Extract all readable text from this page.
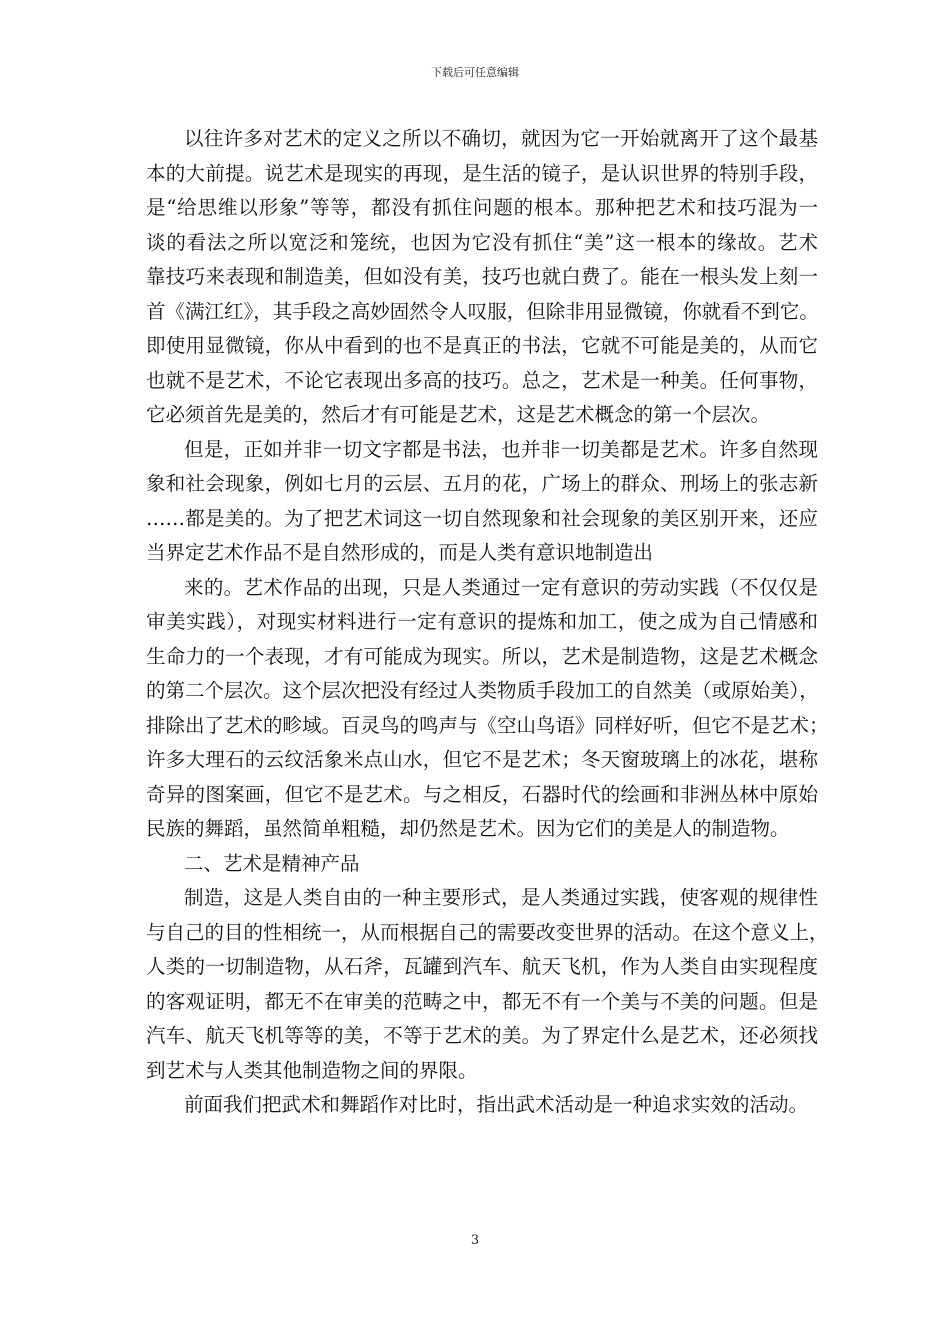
下载后可任意编辑
以往许多对艺术的定义之所以不确切，就因为它一开始就离开了这个最基
本的大前提。说艺术是现实的再现，是生活的镜子，是认识世界的特别手段，
是“给思维以形象”等等，都没有抓住问题的根本。那种把艺术和技巧混为一
谈的看法之所以宽泛和笼统，也因为它没有抓住“美”这一根本的缘故。艺术
靠技巧来表现和制造美，但如没有美，技巧也就白费了。能在一根头发上刻一
首《满江红》，其手段之高妙固然令人叹服，但除非用显微镜，你就看不到它。
即使用显微镜，你从中看到的也不是真正的书法，它就不可能是美的，从而它
也就不是艺术，不论它表现出多高的技巧。总之，艺术是一种美。任何事物，
它必须首先是美的，然后才有可能是艺术，这是艺术概念的第一个层次。
但是，正如并非一切文字都是书法，也并非一切美都是艺术。许多自然现
象和社会现象，例如七月的云层、五月的花，广场上的群众、刑场上的张志新
……都是美的。为了把艺术词这一切自然现象和社会现象的美区别开来，还应
当界定艺术作品不是自然形成的，而是人类有意识地制造出
来的。艺术作品的出现，只是人类通过一定有意识的劳动实践（不仅仅是
审美实践），对现实材料进行一定有意识的提炼和加工，使之成为自己情感和
生命力的一个表现，才有可能成为现实。所以，艺术是制造物，这是艺术概念
的第二个层次。这个层次把没有经过人类物质手段加工的自然美（或原始美），
排除出了艺术的畛域。百灵鸟的鸣声与《空山鸟语》同样好听，但它不是艺术；
许多大理石的云纹活象米点山水，但它不是艺术；冬天窗玻璃上的冰花，堪称
奇异的图案画，但它不是艺术。与之相反，石器时代的绘画和非洲丛林中原始
民族的舞蹈，虽然简单粗糙，却仍然是艺术。因为它们的美是人的制造物。
二、艺术是精神产品
制造，这是人类自由的一种主要形式，是人类通过实践，使客观的规律性
与自己的目的性相统一，从而根据自己的需要改变世界的活动。在这个意义上，
人类的一切制造物，从石斧，瓦罐到汽车、航天飞机，作为人类自由实现程度
的客观证明，都无不在审美的范畴之中，都无不有一个美与不美的问题。但是
汽车、航天飞机等等的美，不等于艺术的美。为了界定什么是艺术，还必须找
到艺术与人类其他制造物之间的界限。
前面我们把武术和舞蹈作对比时，指出武术活动是一种追求实效的活动。
3
